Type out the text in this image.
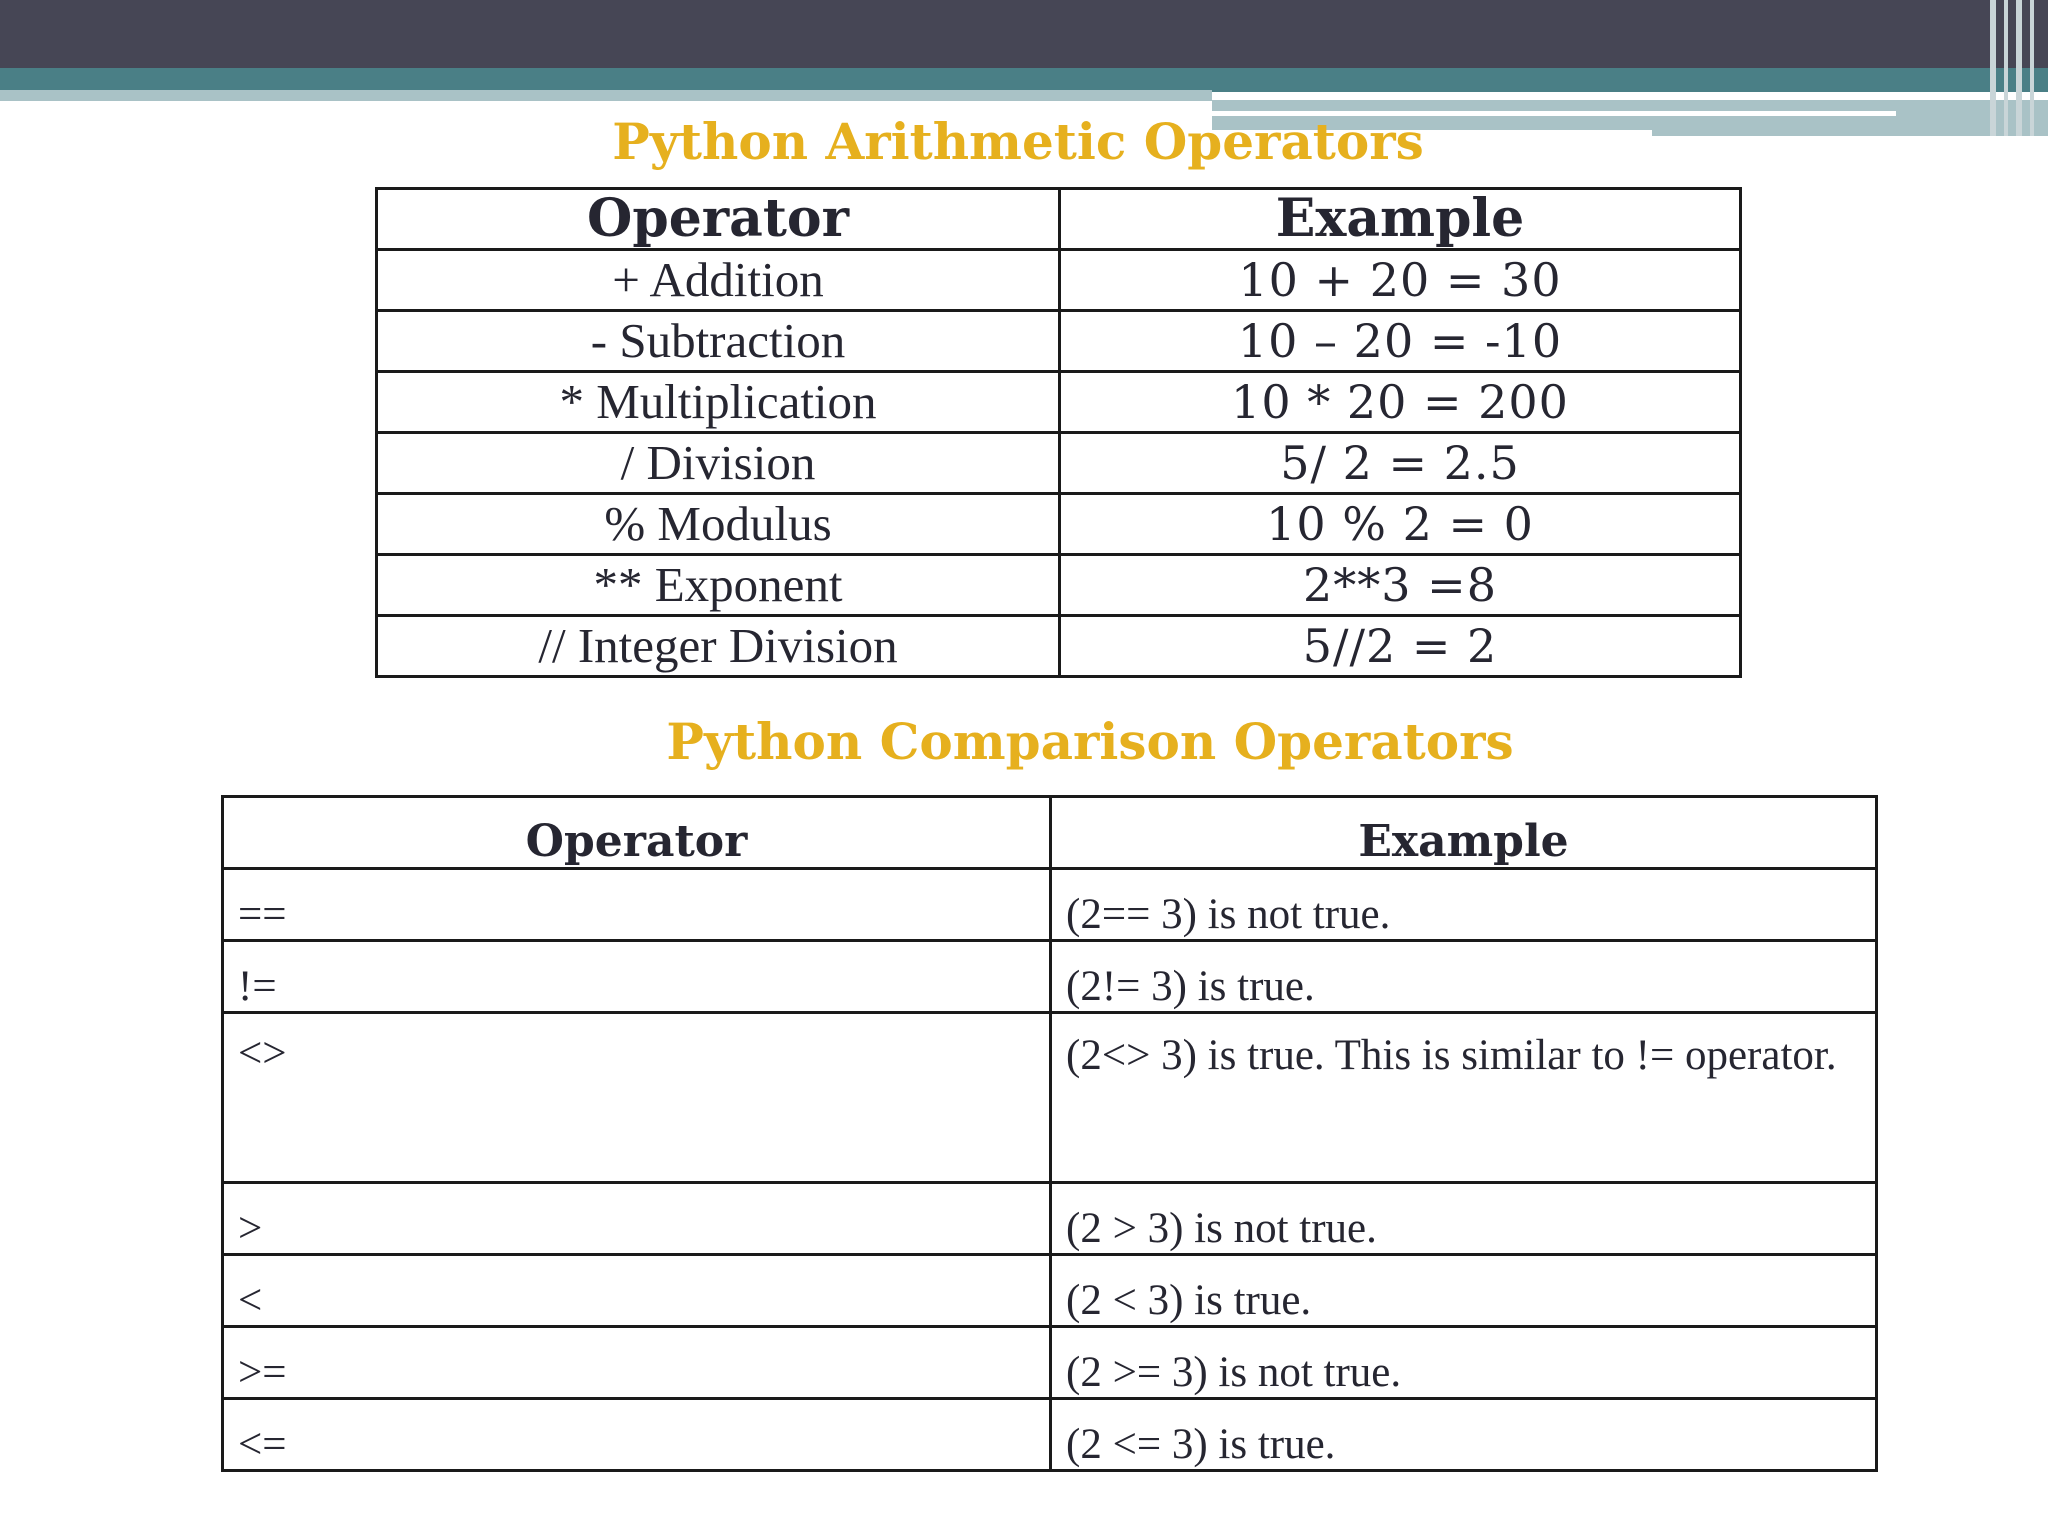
Python Arithmetic Operators
Operator	Example
+ Addition	10 + 20 = 30
- Subtraction	10 – 20 = -10
* Multiplication	10 * 20 = 200
/ Division	5/ 2 = 2.5
% Modulus	10 % 2 = 0
** Exponent	2**3 =8
// Integer Division	5//2 = 2
Python Comparison Operators
Operator	Example
==	(2== 3) is not true.
!=	(2!= 3) is true.
<>	(2<> 3) is true. This is similar to != operator.
>	(2 > 3) is not true.
<	(2 < 3) is true.
>=	(2 >= 3) is not true.
<=	(2 <= 3) is true.
